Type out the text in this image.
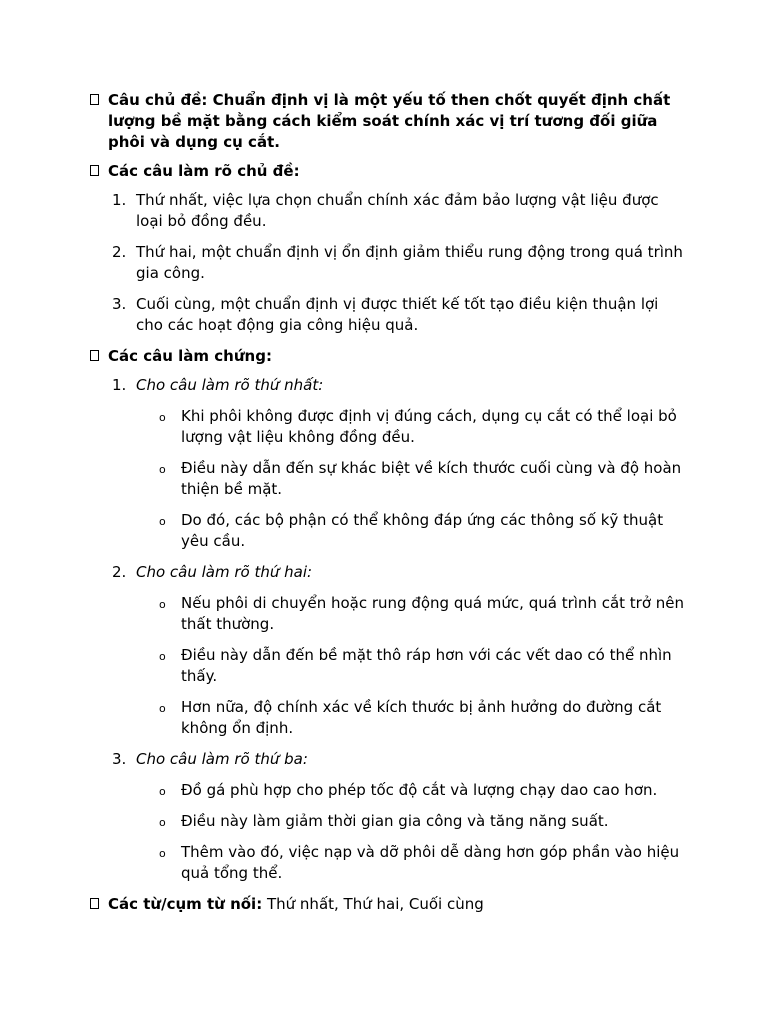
Câu chủ đề: Chuẩn định vị là một yếu tố then chốt quyết định chất lượng bề mặt bằng cách kiểm soát chính xác vị trí tương đối giữa phôi và dụng cụ cắt.

Các câu làm rõ chủ đề:

1. Thứ nhất, việc lựa chọn chuẩn chính xác đảm bảo lượng vật liệu được loại bỏ đồng đều.
2. Thứ hai, một chuẩn định vị ổn định giảm thiểu rung động trong quá trình gia công.
3. Cuối cùng, một chuẩn định vị được thiết kế tốt tạo điều kiện thuận lợi cho các hoạt động gia công hiệu quả.

Các câu làm chứng:

1. Cho câu làm rõ thứ nhất:
o Khi phôi không được định vị đúng cách, dụng cụ cắt có thể loại bỏ lượng vật liệu không đồng đều.
o Điều này dẫn đến sự khác biệt về kích thước cuối cùng và độ hoàn thiện bề mặt.
o Do đó, các bộ phận có thể không đáp ứng các thông số kỹ thuật yêu cầu.
2. Cho câu làm rõ thứ hai:
o Nếu phôi di chuyển hoặc rung động quá mức, quá trình cắt trở nên thất thường.
o Điều này dẫn đến bề mặt thô ráp hơn với các vết dao có thể nhìn thấy.
o Hơn nữa, độ chính xác về kích thước bị ảnh hưởng do đường cắt không ổn định.
3. Cho câu làm rõ thứ ba:
o Đồ gá phù hợp cho phép tốc độ cắt và lượng chạy dao cao hơn.
o Điều này làm giảm thời gian gia công và tăng năng suất.
o Thêm vào đó, việc nạp và dỡ phôi dễ dàng hơn góp phần vào hiệu quả tổng thể.

Các từ/cụm từ nối: Thứ nhất, Thứ hai, Cuối cùng
